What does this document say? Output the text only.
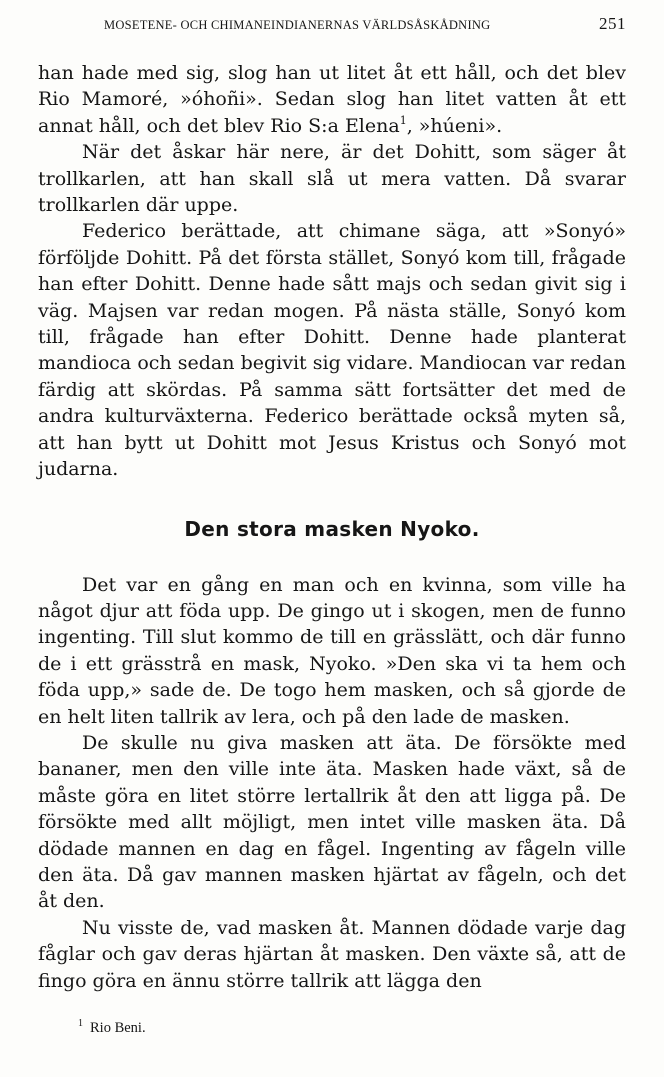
MOSETENE- OCH CHIMANEINDIANERNAS VÄRLDSÅSKÅDNING	251

han hade med sig, slog han ut litet åt ett håll, och det blev Rio Mamoré, »óhoñi». Sedan slog han litet vatten åt ett annat håll, och det blev Rio S:a Elena$^1$, »húeni».

När det åskar här nere, är det Dohitt, som säger åt trollkarlen, att han skall slå ut mera vatten. Då svarar trollkarlen där uppe.

Federico berättade, att chimane säga, att »Sonyó» förföljde Dohitt. På det första stället, Sonyó kom till, frågade han efter Dohitt. Denne hade sått majs och sedan givit sig i väg. Majsen var redan mogen. På nästa ställe, Sonyó kom till, frågade han efter Dohitt. Denne hade planterat mandioca och sedan begivit sig vidare. Mandiocan var redan färdig att skördas. På samma sätt fortsätter det med de andra kulturväxterna. Federico berättade också myten så, att han bytt ut Dohitt mot Jesus Kristus och Sonyó mot judarna.

Den stora masken Nyoko.

Det var en gång en man och en kvinna, som ville ha något djur att föda upp. De gingo ut i skogen, men de funno ingenting. Till slut kommo de till en grässlätt, och där funno de i ett grässtrå en mask, Nyoko. »Den ska vi ta hem och föda upp,» sade de. De togo hem masken, och så gjorde de en helt liten tallrik av lera, och på den lade de masken.

De skulle nu giva masken att äta. De försökte med bananer, men den ville inte äta. Masken hade växt, så de måste göra en litet större lertallrik åt den att ligga på. De försökte med allt möjligt, men intet ville masken äta. Då dödade mannen en dag en fågel. Ingenting av fågeln ville den äta. Då gav mannen masken hjärtat av fågeln, och det åt den.

Nu visste de, vad masken åt. Mannen dödade varje dag fåglar och gav deras hjärtan åt masken. Den växte så, att de fingo göra en ännu större tallrik att lägga den

$^1$ Rio Beni.
